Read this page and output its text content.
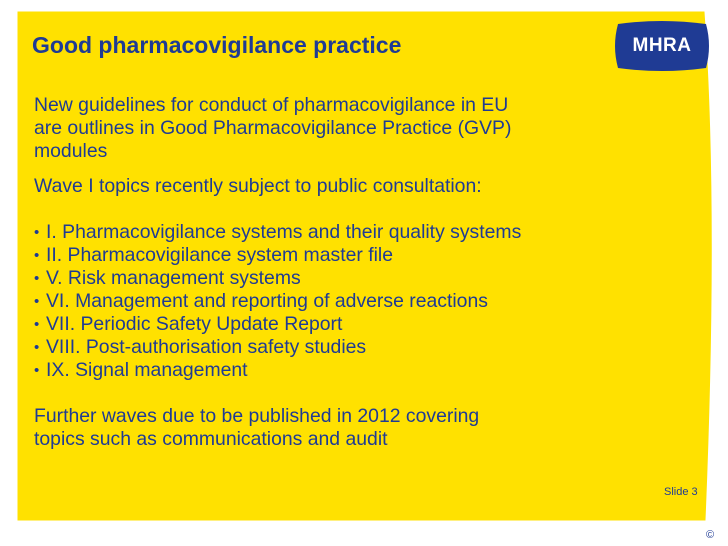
Good pharmacovigilance practice	MHRA
New guidelines for conduct of pharmacovigilance in EU
are outlines in Good Pharmacovigilance Practice (GVP)
modules
Wave I topics recently subject to public consultation:
• I. Pharmacovigilance systems and their quality systems
• II. Pharmacovigilance system master file
• V. Risk management systems
• VI. Management and reporting of adverse reactions
• VII. Periodic Safety Update Report
• VIII. Post-authorisation safety studies
• IX. Signal management
Further waves due to be published in 2012 covering
topics such as communications and audit
Slide 3
©
